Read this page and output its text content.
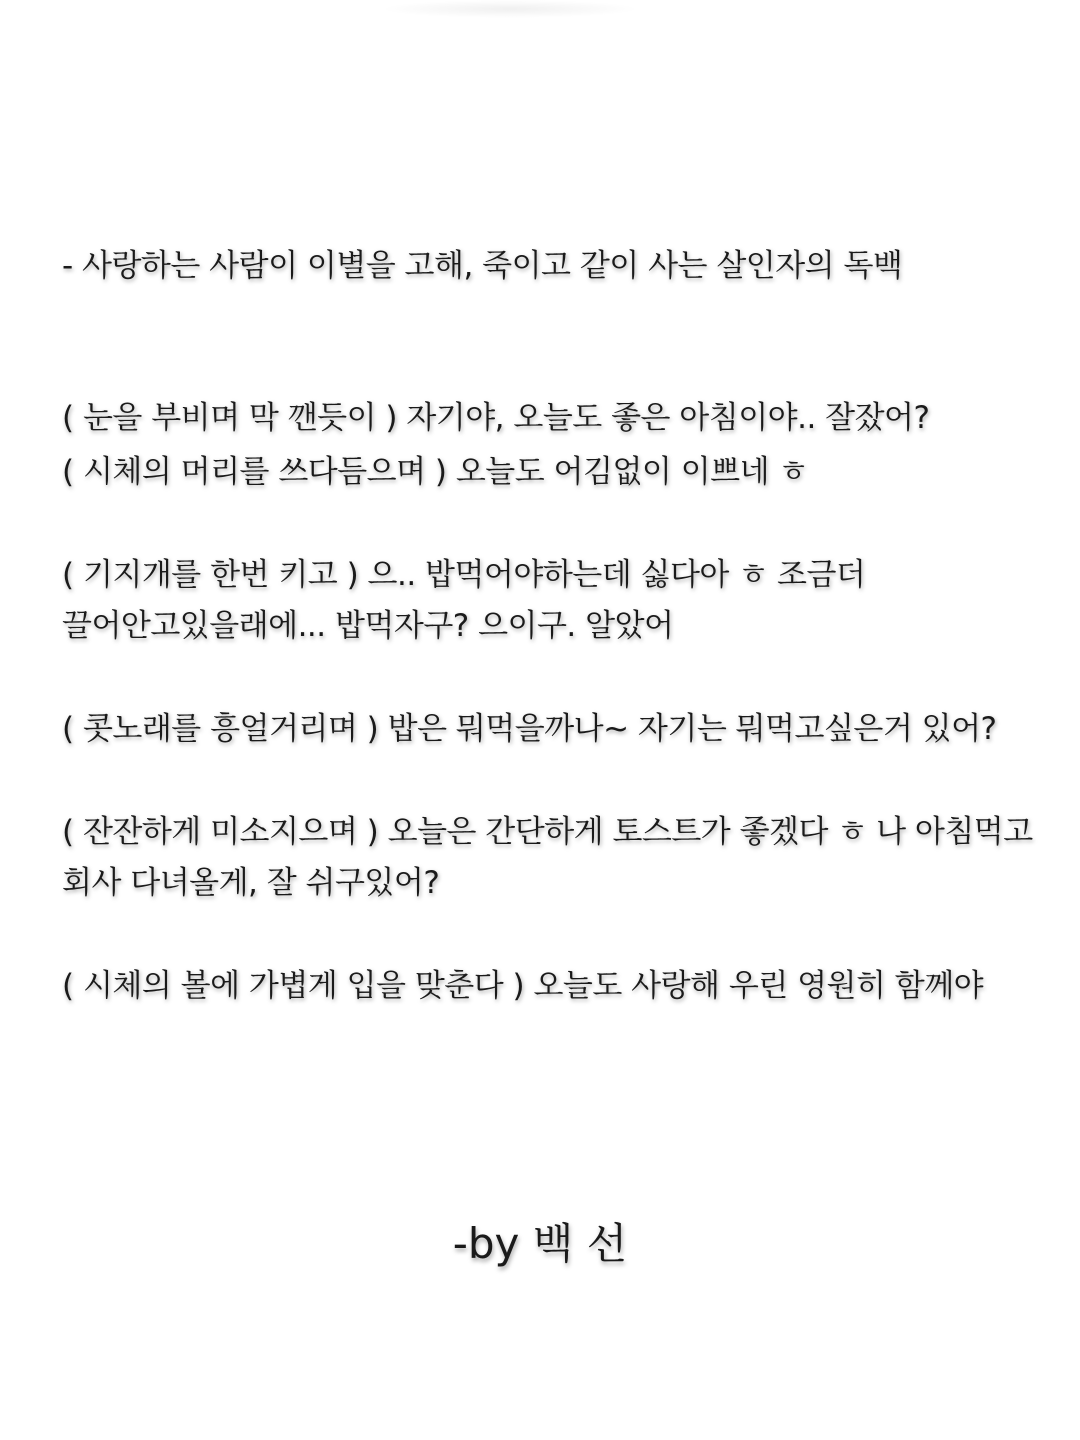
- 사랑하는 사람이 이별을 고해, 죽이고 같이 사는 살인자의 독백

( 눈을 부비며 막 깬듯이 ) 자기야, 오늘도 좋은 아침이야.. 잘잤어?

( 시체의 머리를 쓰다듬으며 ) 오늘도 어김없이 이쁘네 ㅎ

( 기지개를 한번 키고 ) 으.. 밥먹어야하는데 싫다아 ㅎ 조금더

끌어안고있을래에... 밥먹자구? 으이구. 알았어

( 콧노래를 흥얼거리며 ) 밥은 뭐먹을까나~ 자기는 뭐먹고싶은거 있어?

( 잔잔하게 미소지으며 ) 오늘은 간단하게 토스트가 좋겠다 ㅎ 나 아침먹고

회사 다녀올게, 잘 쉬구있어?

( 시체의 볼에 가볍게 입을 맞춘다 ) 오늘도 사랑해 우린 영원히 함께야

-by 백 선
